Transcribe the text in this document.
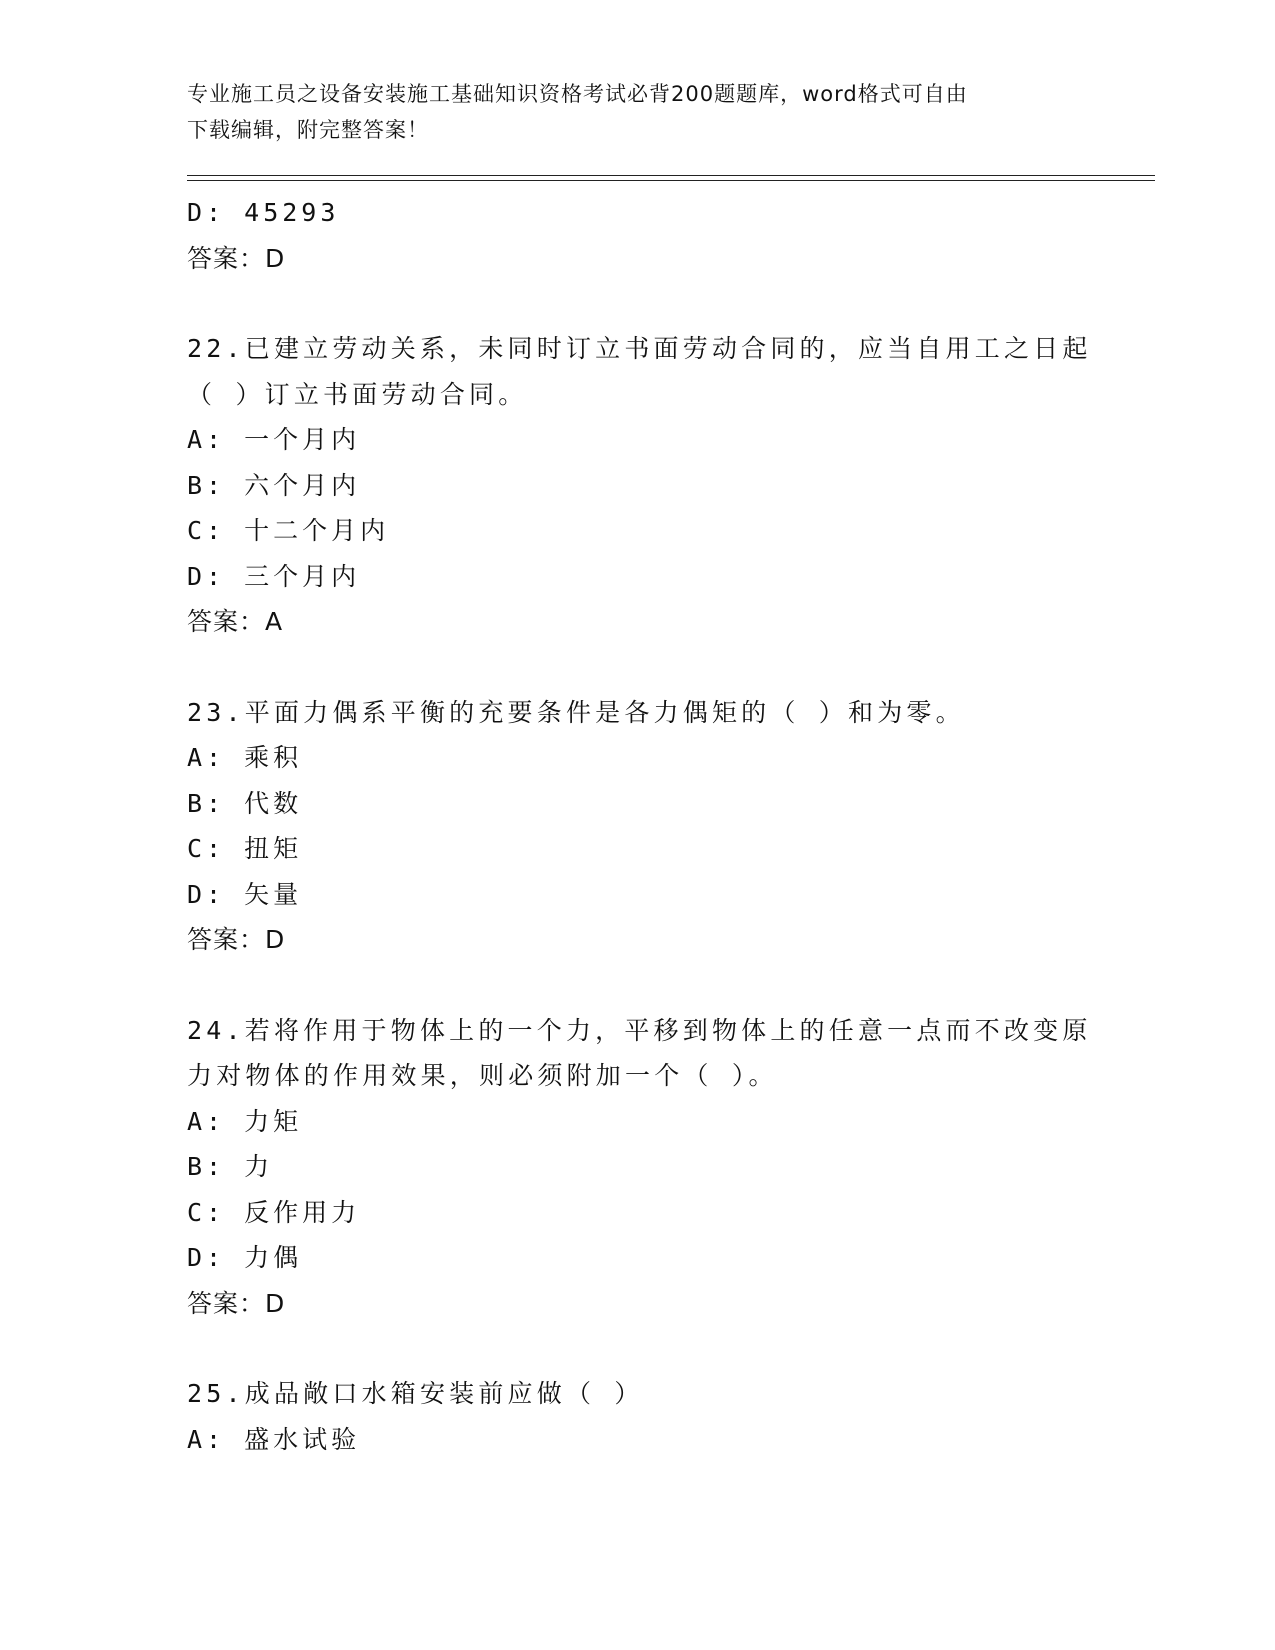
专业施工员之设备安装施工基础知识资格考试必背200题题库，word格式可自由
下载编辑，附完整答案！
D: 45293
答案：D
22.已建立劳动关系，未同时订立书面劳动合同的，应当自用工之日起
（ ）订立书面劳动合同。
A: 一个月内
B: 六个月内
C: 十二个月内
D: 三个月内
答案：A
23.平面力偶系平衡的充要条件是各力偶矩的（ ）和为零。
A: 乘积
B: 代数
C: 扭矩
D: 矢量
答案：D
24.若将作用于物体上的一个力，平移到物体上的任意一点而不改变原
力对物体的作用效果，则必须附加一个（ ）。
A: 力矩
B: 力
C: 反作用力
D: 力偶
答案：D
25.成品敞口水箱安装前应做（ ）
A: 盛水试验
